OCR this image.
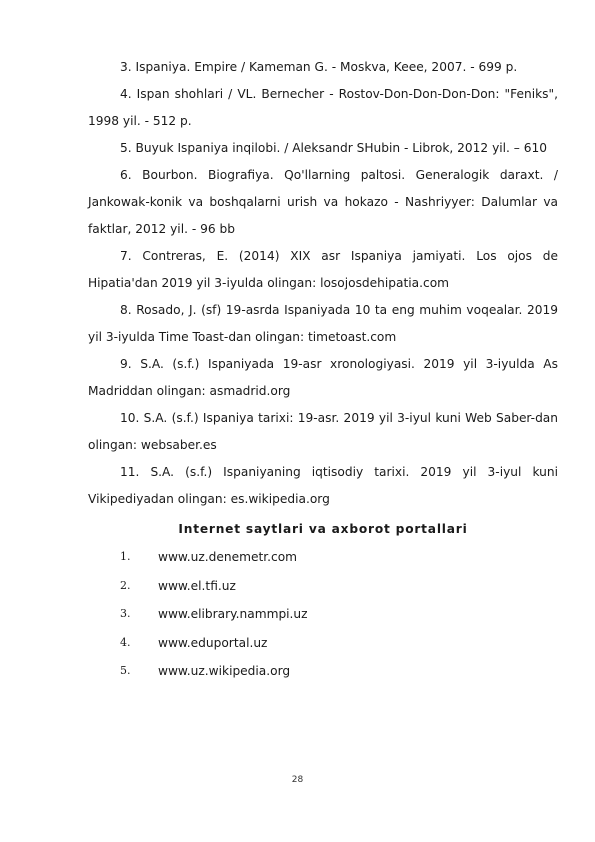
3. Ispaniya. Empire / Kameman G. - Moskva, Keee, 2007. - 699 p.

4. Ispan shohlari / VL. Bernecher - Rostov-Don-Don-Don-Don: "Feniks", 1998 yil. - 512 p.

5. Buyuk Ispaniya inqilobi. / Aleksandr SHubin - Librok, 2012 yil. – 610

6. Bourbon. Biografiya. Qo'llarning paltosi. Generalogik daraxt. / Jankowak-konik va boshqalarni urish va hokazo - Nashriyyer: Dalumlar va faktlar, 2012 yil. - 96 bb

7. Contreras, E. (2014) XIX asr Ispaniya jamiyati. Los ojos de Hipatia'dan 2019 yil 3-iyulda olingan: losojosdehipatia.com

8. Rosado, J. (sf) 19-asrda Ispaniyada 10 ta eng muhim voqealar. 2019 yil 3-iyulda Time Toast-dan olingan: timetoast.com

9. S.A. (s.f.) Ispaniyada 19-asr xronologiyasi. 2019 yil 3-iyulda As Madriddan olingan: asmadrid.org

10. S.A. (s.f.) Ispaniya tarixi: 19-asr. 2019 yil 3-iyul kuni Web Saber-dan olingan: websaber.es

11. S.A. (s.f.) Ispaniyaning iqtisodiy tarixi. 2019 yil 3-iyul kuni Vikipediyadan olingan: es.wikipedia.org

Internet saytlari va axborot portallari
1.	www.uz.denemetr.com
2.	www.el.tfi.uz
3.	www.elibrary.nammpi.uz
4.	www.eduportal.uz
5.	www.uz.wikipedia.org
28
